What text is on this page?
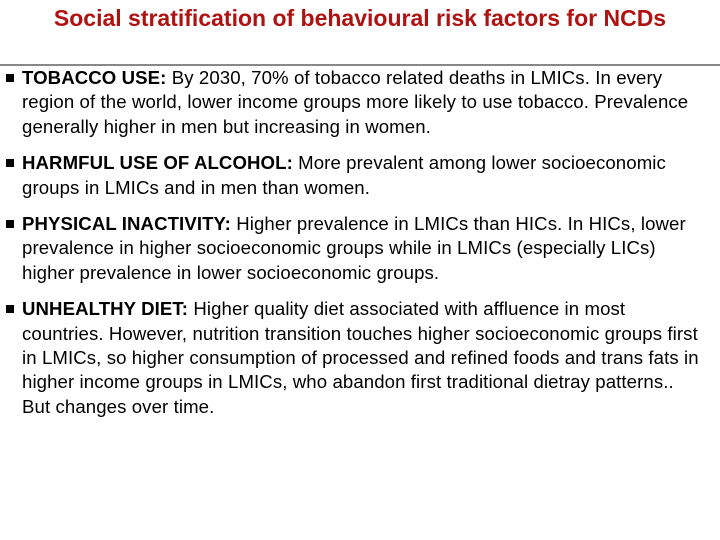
Social stratification of behavioural risk factors for NCDs
TOBACCO USE: By 2030, 70% of tobacco related deaths in LMICs. In every region of the world, lower income groups more likely to use tobacco. Prevalence generally higher in men but increasing in women.
HARMFUL USE OF ALCOHOL: More prevalent among lower socioeconomic groups in LMICs and in men than women.
PHYSICAL INACTIVITY: Higher prevalence in LMICs than HICs. In HICs, lower prevalence in higher socioeconomic groups while in LMICs (especially LICs) higher prevalence in lower socioeconomic groups.
UNHEALTHY DIET: Higher quality diet associated with affluence in most countries. However, nutrition transition touches higher socioeconomic groups first in LMICs, so higher consumption of processed and refined foods and trans fats in higher income groups in LMICs, who abandon first traditional dietray patterns.. But changes over time.
